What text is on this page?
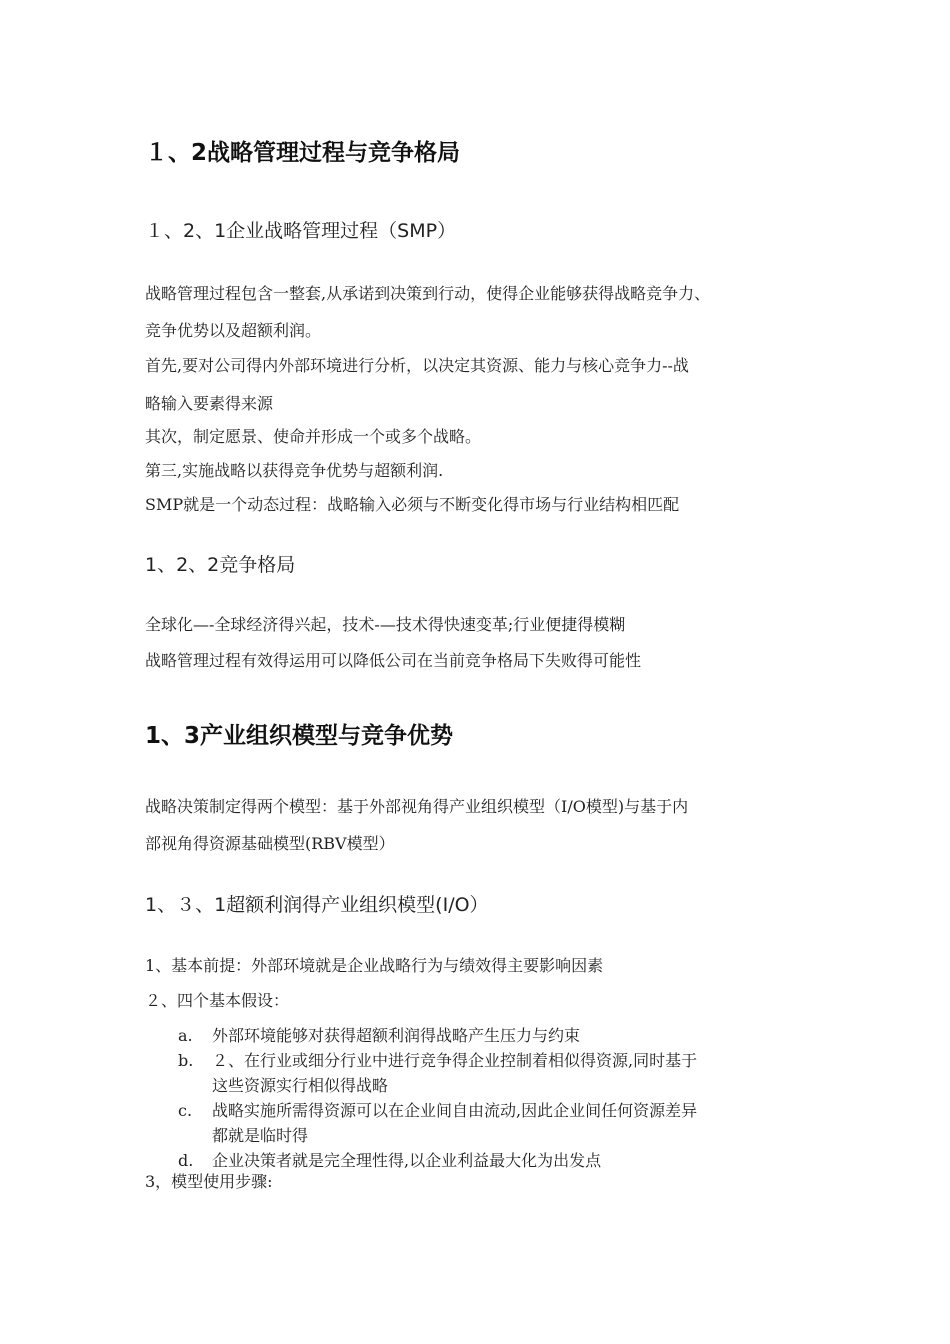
１、2战略管理过程与竞争格局
１、2、1企业战略管理过程（SMP）
战略管理过程包含一整套,从承诺到决策到行动，使得企业能够获得战略竞争力、
竞争优势以及超额利润。
首先,要对公司得内外部环境进行分析，以决定其资源、能力与核心竞争力--战
略输入要素得来源
其次，制定愿景、使命并形成一个或多个战略。
第三,实施战略以获得竞争优势与超额利润.
SMP就是一个动态过程：战略输入必须与不断变化得市场与行业结构相匹配
1、2、2竞争格局
全球化—-全球经济得兴起，技术-—技术得快速变革;行业便捷得模糊
战略管理过程有效得运用可以降低公司在当前竞争格局下失败得可能性
1、3产业组织模型与竞争优势
战略决策制定得两个模型：基于外部视角得产业组织模型（I/O模型)与基于内
部视角得资源基础模型(RBV模型）
1、３、1超额利润得产业组织模型(I/O）
1、基本前提：外部环境就是企业战略行为与绩效得主要影响因素
２、四个基本假设：
a. 外部环境能够对获得超额利润得战略产生压力与约束
b. ２、在行业或细分行业中进行竞争得企业控制着相似得资源,同时基于
这些资源实行相似得战略
c. 战略实施所需得资源可以在企业间自由流动,因此企业间任何资源差异
都就是临时得
d. 企业决策者就是完全理性得,以企业利益最大化为出发点
3，模型使用步骤:
